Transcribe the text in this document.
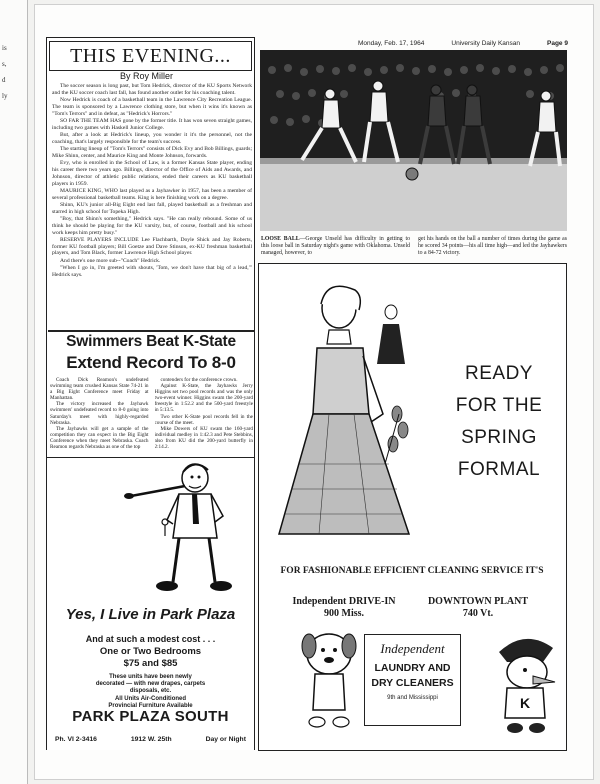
is
s,
d
ly
Monday, Feb. 17, 1964	University Daily Kansan	Page 9
THIS EVENING...
By Roy Miller

The soccer season is long past, but Tom Hedrick, director of the KU Sports Network and the KU soccer coach last fall, has found another outlet for his coaching talent.

Now Hedrick is coach of a basketball team in the Lawrence City Recreation League. The team is sponsored by a Lawrence clothing store, but when it wins it's known as "Tom's Terrors" and in defeat, as "Hedrick's Horrors."

SO FAR THE TEAM HAS gone by the former title. It has won seven straight games, including two games with Haskell Junior College.

But, after a look at Hedrick's lineup, you wonder it it's the personnel, not the coaching, that's largely responsible for the team's success.

The starting lineup of "Tom's Terrors" consists of Dick Evy and Bob Billings, guards; Mike Shinn, center, and Maurice King and Monte Johnson, forwards.

Evy, who is enrolled in the School of Law, is a former Kansas State player, ending his career there two years ago. Billings, director of the Office of Aids and Awards, and Johnson, director of athletic public relations, ended their careers as KU basketball players in 1959.

MAURICE KING, WHO last played as a Jayhawker in 1957, has been a member of several professional basketball teams. King is here finishing work on a degree.

Shinn, KU's junior all-Big Eight end last fall, played basketball as a freshman and starred in high school for Topeka High.

"Boy, that Shinn's something," Hedrick says. "He can really rebound. Some of us think he should be playing for the KU varsity, but, of course, football and his school work keeps him pretty busy."

RESERVE PLAYERS INCLUDE Lee Flachbarth, Doyle Shick and Jay Roberts, former KU football players; Bill Goetze and Dave Stinson, ex-KU freshman basketball players, and Tom Black, former Lawrence High School player.

And there's one more sub--"Coach" Hedrick.

"When I go in, I'm greeted with shouts, 'Tom, we don't have that big of a lead,'" Hedrick says.

Swimmers Beat K-State
Extend Record To 8-0

Coach Dick Reamon's undefeated swimming team crushed Kansas State 74-21 in a Big Eight Conference meet Friday at Manhattan.

The victory increased the Jayhawk swimmers' undefeated record to 8-0 going into Saturday's meet with highly-regarded Nebraska.

The Jayhawks will get a sample of the competition they can expect in the Big Eight Conference when they meet Nebraska. Coach Reamon regards Nebraska as one of the top

contenders for the conference crown.

Against K-State, the Jayhawks Jerry Higgins set two pool records and was the only two-event winner. Higgins swam the 200-yard freestyle in 1:52.2 and the 500-yard freestyle in 5:13.5.

Two other K-State pool records fell in the course of the meet.

Mike Dowers of KU swam the 160-yard individual medley in 1:42.3 and Pete Stebbins, also from KU did the 200-yard butterfly in 2:14.2.

Yes, I Live in Park Plaza
And at such a modest cost . . .
One or Two Bedrooms
$75 and $85
These units have been newly
decorated — with new drapes, carpets
disposals, etc.
All Units Air-Conditioned
Provincial Furniture Available
PARK PLAZA SOUTH
Ph. VI 2-3416	1912 W. 25th	Day or Night
LOOSE BALL—George Unseld has difficulty in getting to this loose ball in Saturday night's game with Oklahoma. Unseld managed, however, to
get his hands on the ball a number of times during the game as he scored 34 points—his all time high—and led the Jayhawkers to a 84-72 victory.
K
READY
FOR THE
SPRING
FORMAL
FOR FASHIONABLE EFFICIENT CLEANING SERVICE IT'S
Independent DRIVE-IN
900 Miss.
DOWNTOWN PLANT
740 Vt.
Independent
LAUNDRY AND
DRY CLEANERS
9th and Mississippi
